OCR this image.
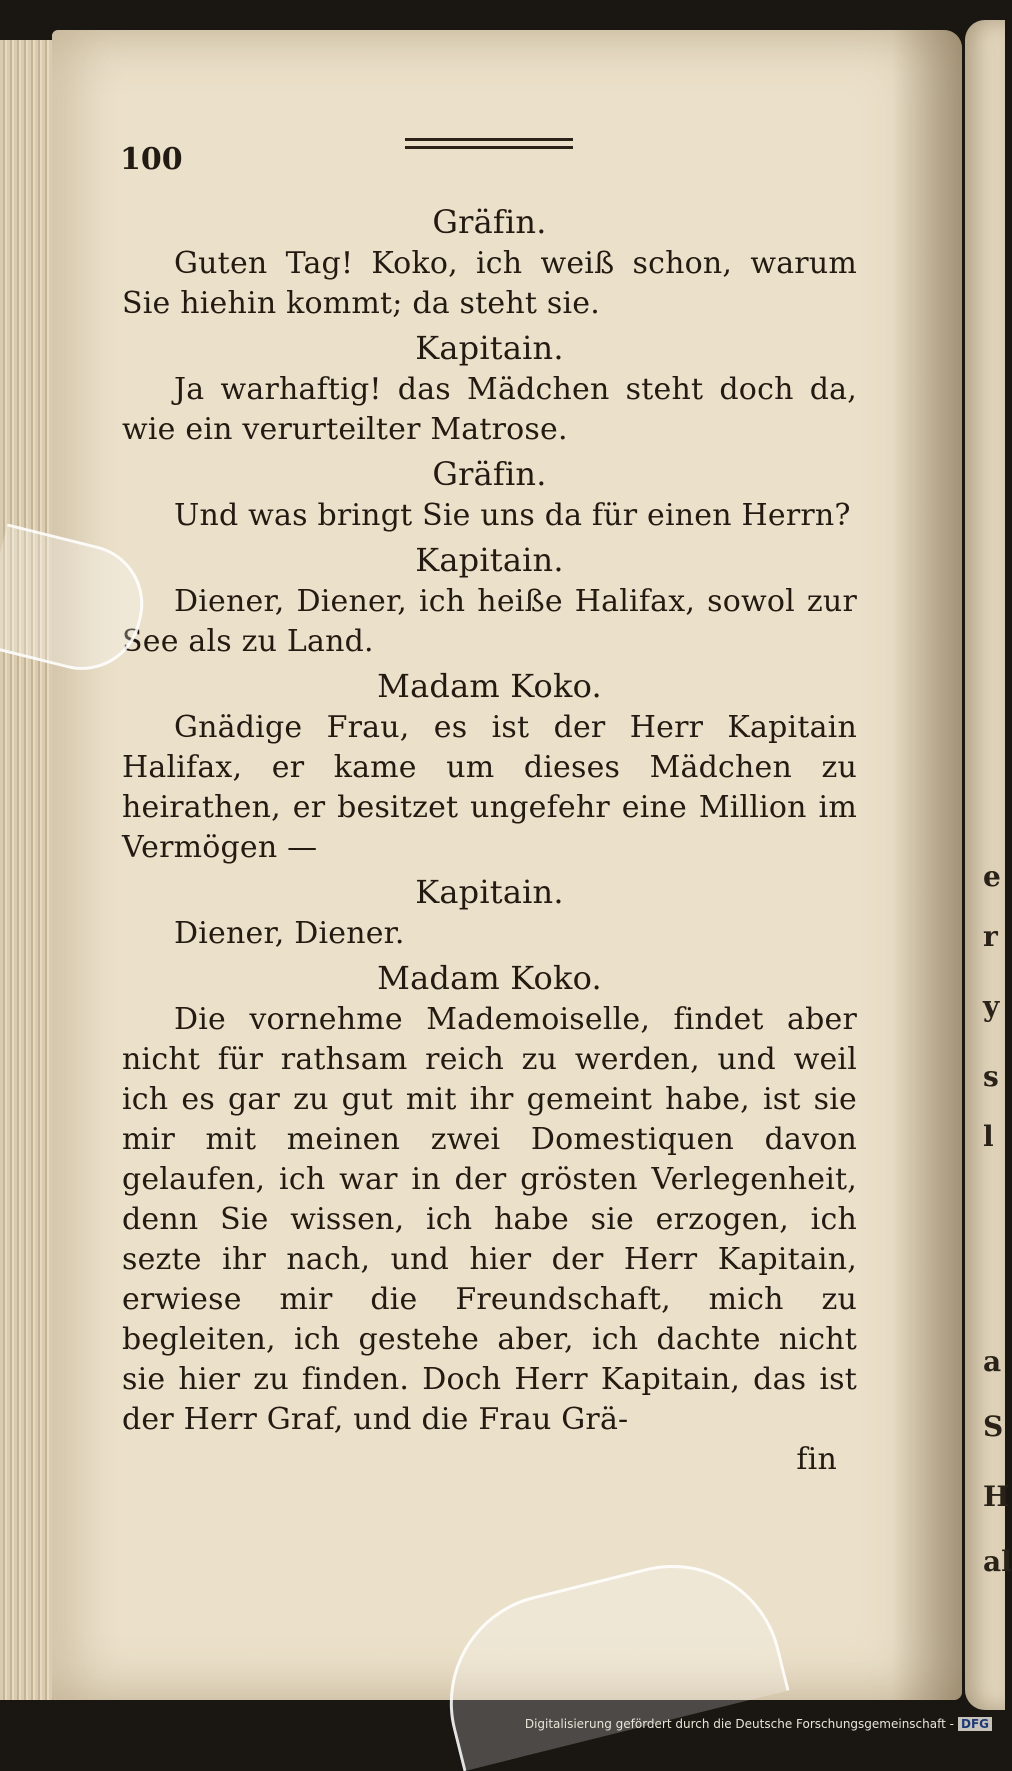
a
e
r
y
s
l
S
H
al
100
Gräfin.

Guten Tag! Koko, ich weiß schon, warum Sie hiehin kommt; da steht sie.

Kapitain.

Ja warhaftig! das Mädchen steht doch da, wie ein verurteilter Matrose.

Gräfin.

Und was bringt Sie uns da für einen Herrn?

Kapitain.

Diener, Diener, ich heiße Halifax, sowol zur See als zu Land.

Madam Koko.

Gnädige Frau, es ist der Herr Kapitain Halifax, er kame um dieses Mädchen zu heirathen, er besitzet ungefehr eine Million im Vermögen —

Kapitain.

Diener, Diener.

Madam Koko.

Die vornehme Mademoiselle, findet aber nicht für rathsam reich zu werden, und weil ich es gar zu gut mit ihr gemeint habe, ist sie mir mit meinen zwei Domestiquen davon gelaufen, ich war in der grösten Verlegenheit, denn Sie wissen, ich habe sie erzogen, ich sezte ihr nach, und hier der Herr Kapitain, erwiese mir die Freundschaft, mich zu begleiten, ich gestehe aber, ich dachte nicht sie hier zu finden. Doch Herr Kapitain, das ist der Herr Graf, und die Frau Grä-

fin
Digitalisierung gefördert durch die Deutsche Forschungsgemeinschaft - DFG
